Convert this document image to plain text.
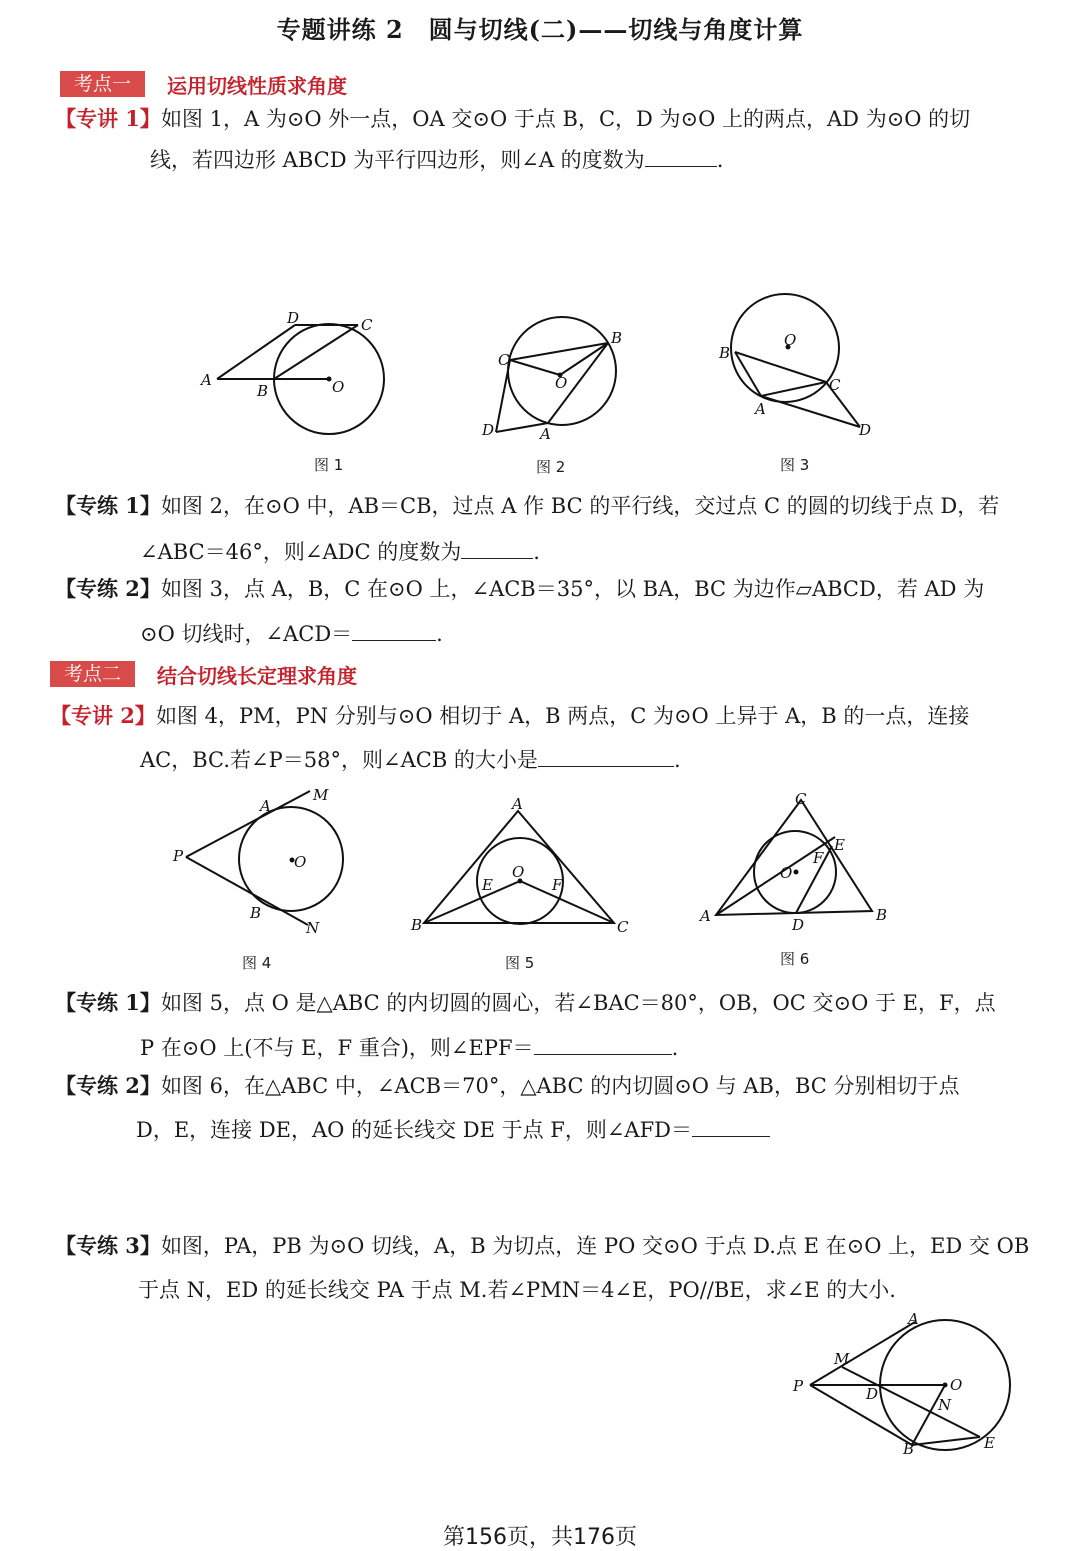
专题讲练 2　圆与切线(二)——切线与角度计算
考点一	运用切线性质求角度
【专讲 1】如图 1，A 为⊙O 外一点，OA 交⊙O 于点 B，C，D 为⊙O 上的两点，AD 为⊙O 的切
线，若四边形 ABCD 为平行四边形，则∠A 的度数为	.
D	C
A
B	O
图 1
B
C
O
D	A
图 2
O
B
C
A
D
图 3
【专练 1】如图 2，在⊙O 中，AB＝CB，过点 A 作 BC 的平行线，交过点 C 的圆的切线于点 D，若
∠ABC＝46°，则∠ADC 的度数为	.
【专练 2】如图 3，点 A，B，C 在⊙O 上，∠ACB＝35°，以 BA，BC 为边作▱ABCD，若 AD 为
⊙O 切线时，∠ACD＝	.
考点二	结合切线长定理求角度
【专讲 2】如图 4，PM，PN 分别与⊙O 相切于 A，B 两点，C 为⊙O 上异于 A，B 的一点，连接
AC，BC.若∠P＝58°，则∠ACB 的大小是	.
A
M
P	O
B
N
图 4
A
O
E	F
B	C
图 5
C
E
F
O
A	D
B
图 6
【专练 1】如图 5，点 O 是△ABC 的内切圆的圆心，若∠BAC＝80°，OB，OC 交⊙O 于 E，F，点
P 在⊙O 上(不与 E，F 重合)，则∠EPF＝	.
【专练 2】如图 6，在△ABC 中，∠ACB＝70°，△ABC 的内切圆⊙O 与 AB，BC 分别相切于点
D，E，连接 DE，AO 的延长线交 DE 于点 F，则∠AFD＝
【专练 3】如图，PA，PB 为⊙O 切线，A，B 为切点，连 PO 交⊙O 于点 D.点 E 在⊙O 上，ED 交 OB
于点 N，ED 的延长线交 PA 于点 M.若∠PMN＝4∠E，PO//BE，求∠E 的大小.
A
M
P	O
D
N
B	E
第156页，共176页
